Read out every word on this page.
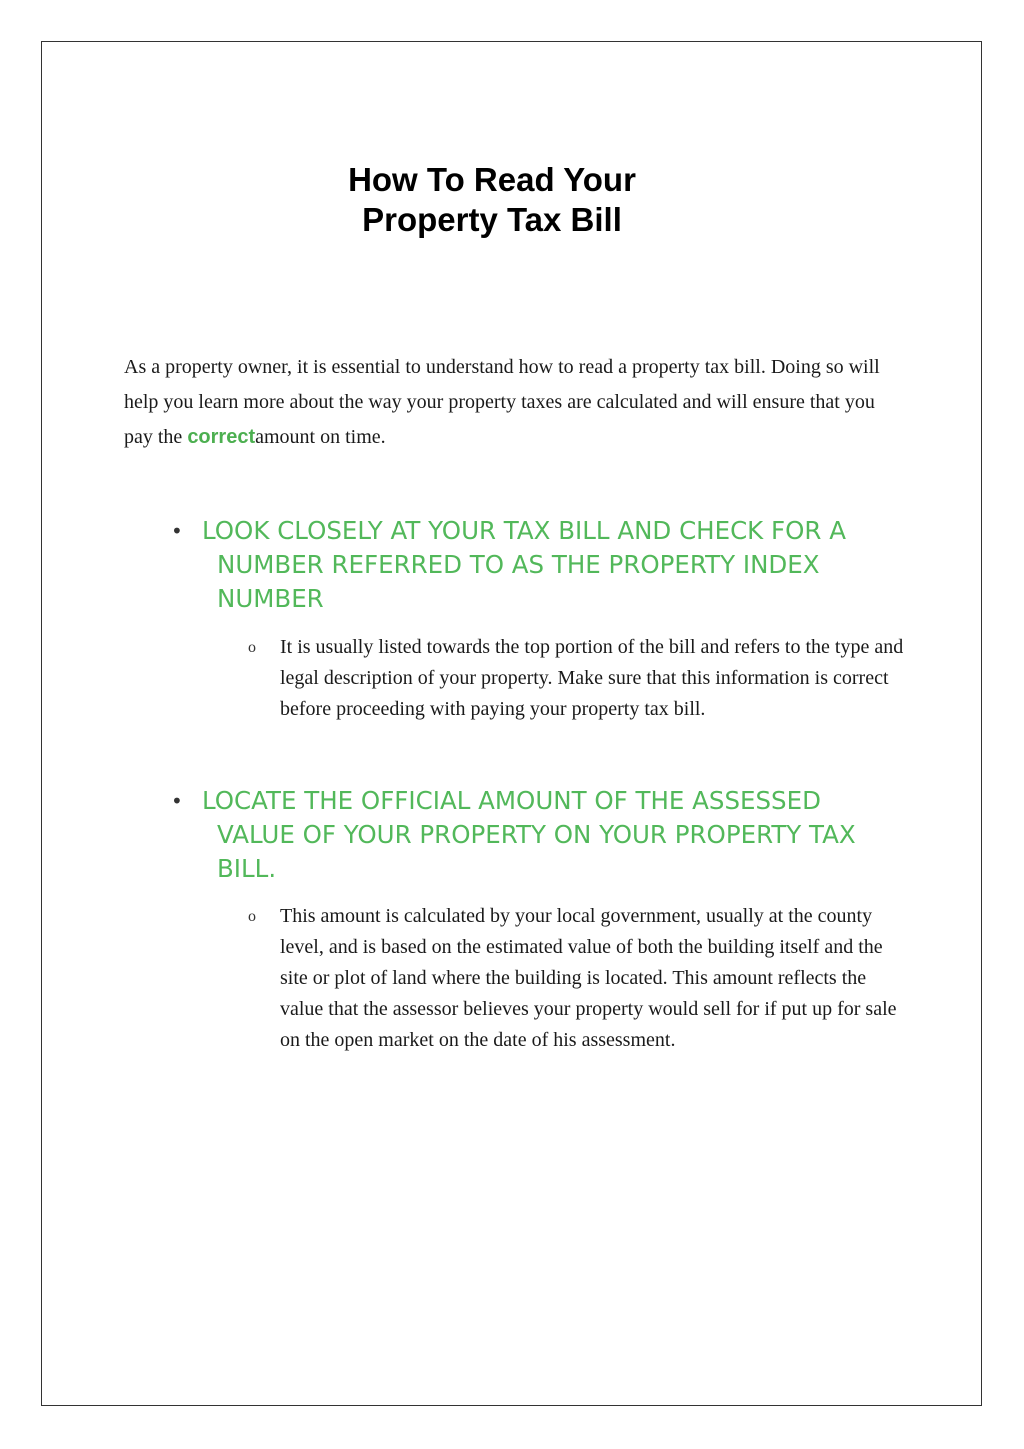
How To Read Your
Property Tax Bill

As a property owner, it is essential to understand how to read a property tax bill. Doing so will help you learn more about the way your property taxes are calculated and will ensure that you pay the correctamount on time.

• LOOK CLOSELY AT YOUR TAX BILL AND CHECK FOR A NUMBER REFERRED TO AS THE PROPERTY INDEX NUMBER
o It is usually listed towards the top portion of the bill and refers to the type and legal description of your property. Make sure that this information is correct before proceeding with paying your property tax bill.
• LOCATE THE OFFICIAL AMOUNT OF THE ASSESSED VALUE OF YOUR PROPERTY ON YOUR PROPERTY TAX BILL.
o This amount is calculated by your local government, usually at the county level, and is based on the estimated value of both the building itself and the site or plot of land where the building is located. This amount reflects the value that the assessor believes your property would sell for if put up for sale on the open market on the date of his assessment.
